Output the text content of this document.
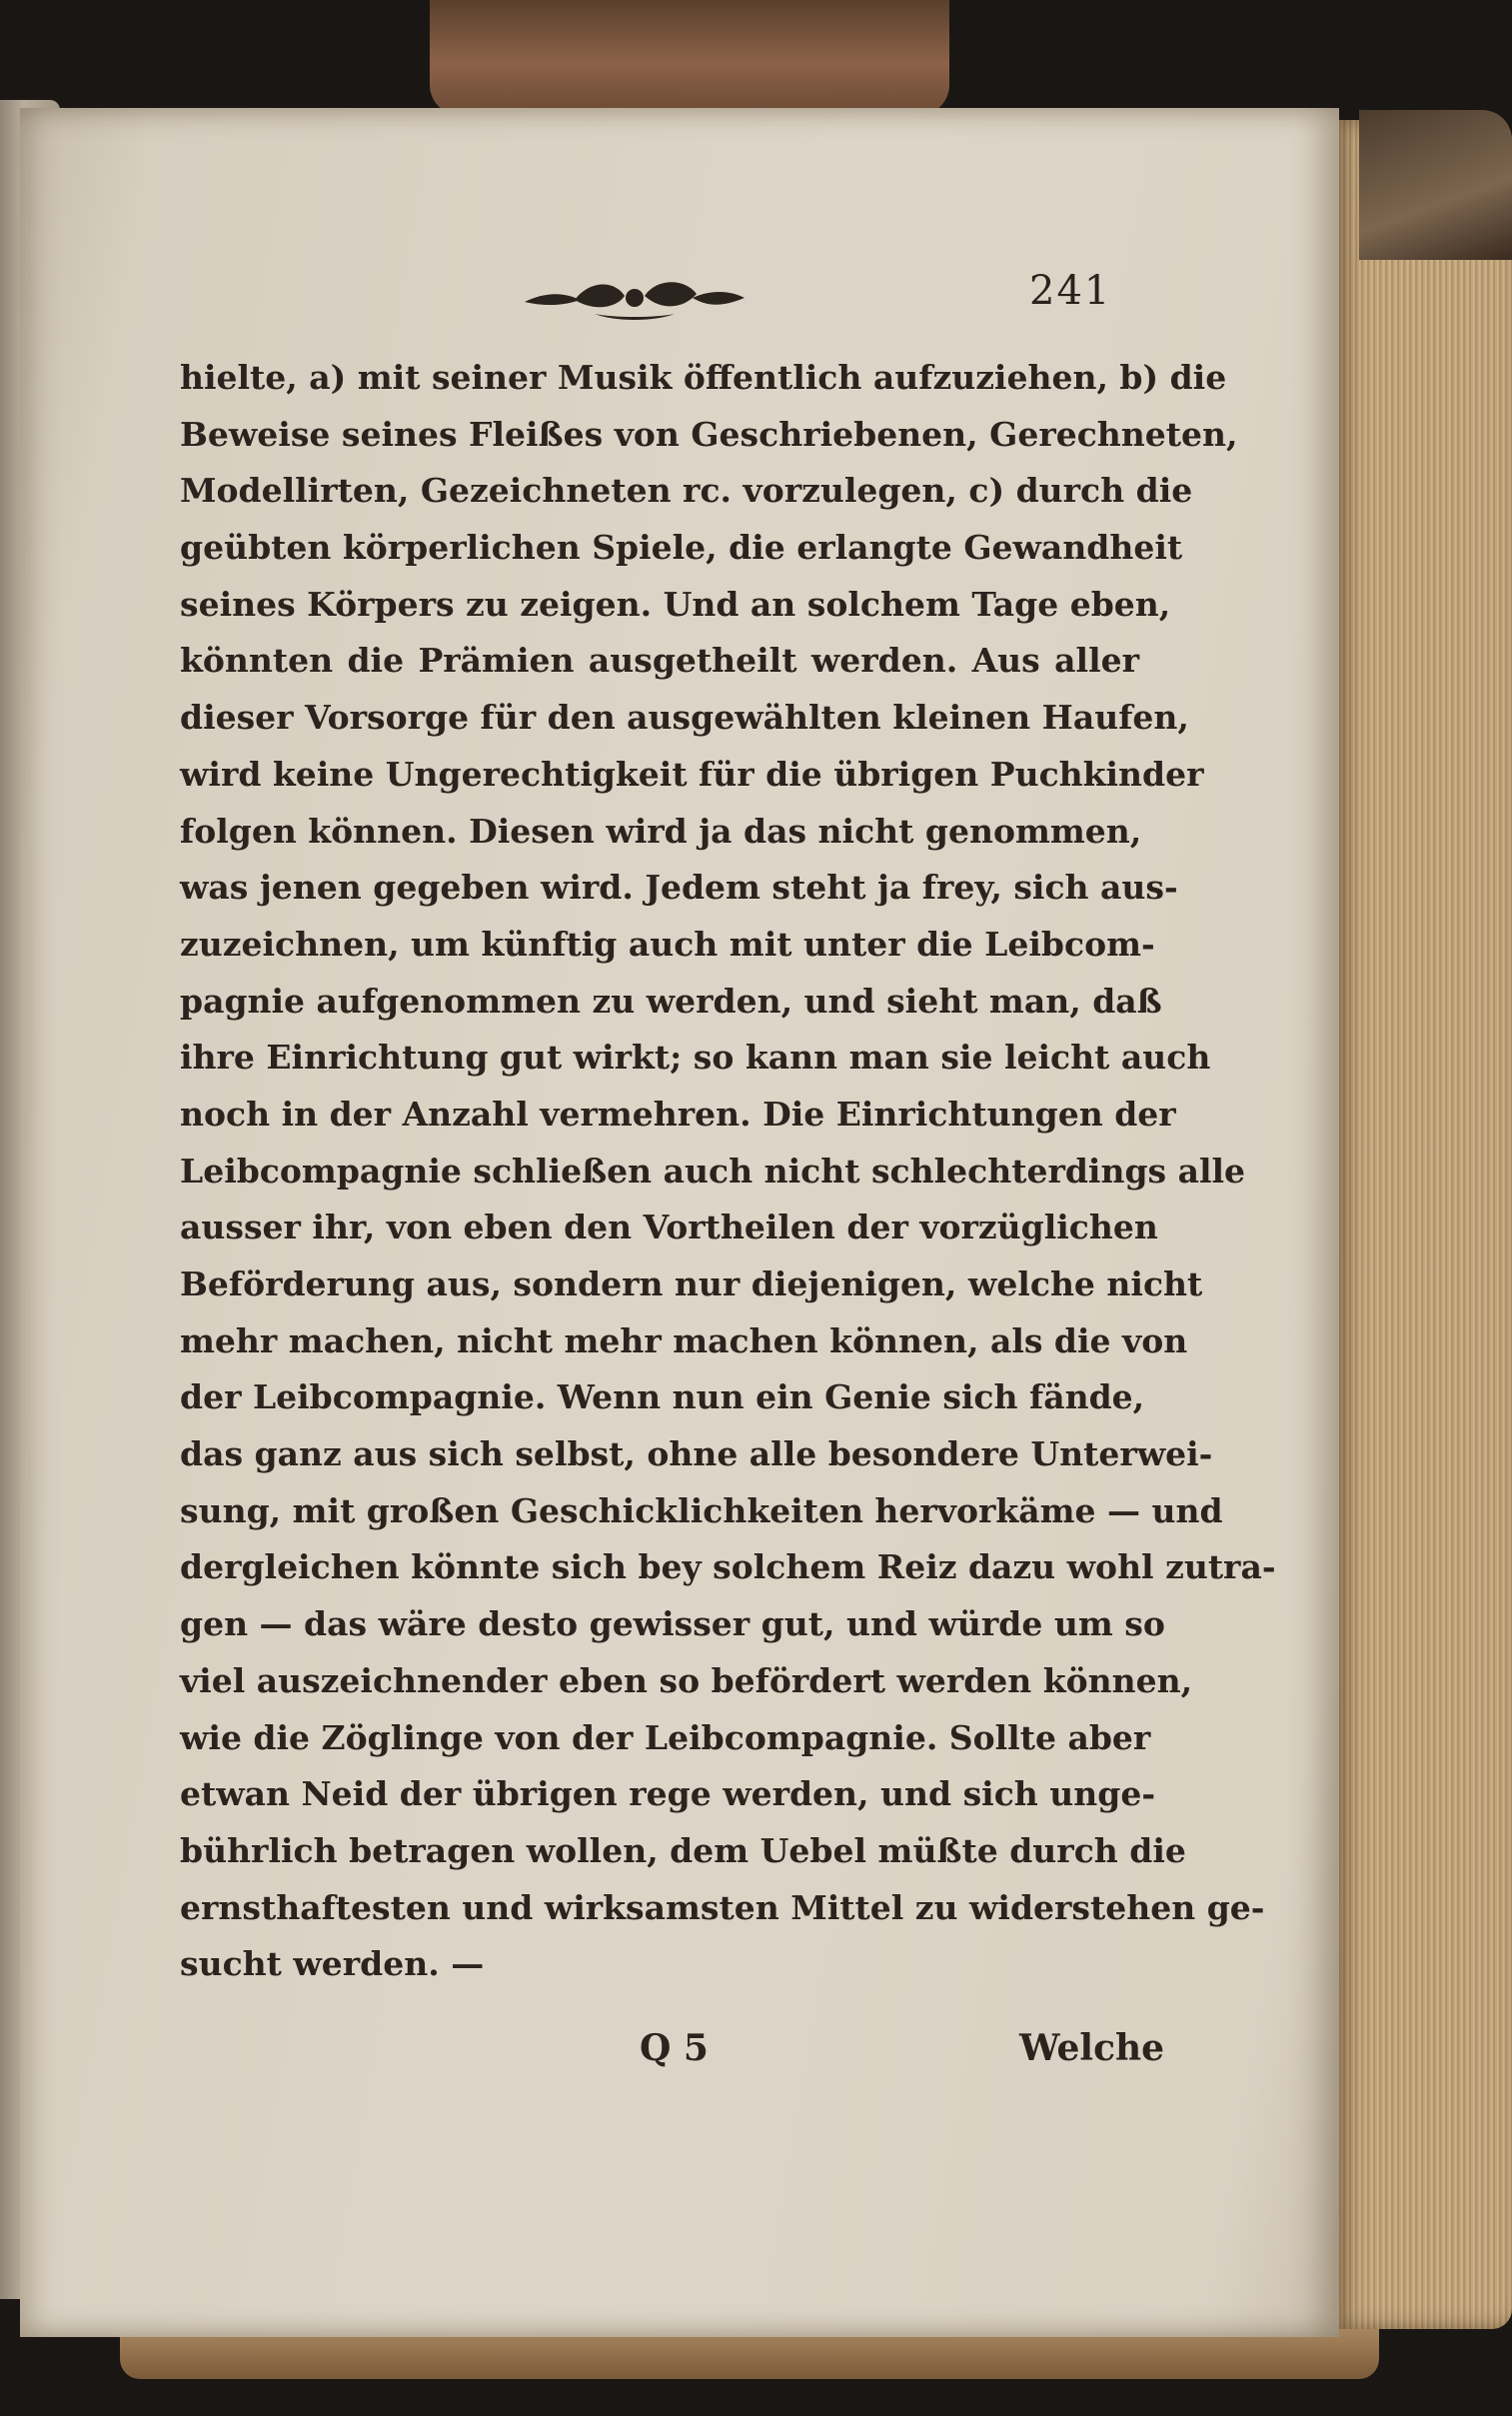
241
hielte, a) mit seiner Musik öffentlich aufzuziehen, b) die
Beweise seines Fleißes von Geschriebenen, Gerechneten,
Modellirten, Gezeichneten rc. vorzulegen, c) durch die
geübten körperlichen Spiele, die erlangte Gewandheit
seines Körpers zu zeigen. Und an solchem Tage eben,
könnten die Prämien ausgetheilt werden. Aus aller
dieser Vorsorge für den ausgewählten kleinen Haufen,
wird keine Ungerechtigkeit für die übrigen Puchkinder
folgen können. Diesen wird ja das nicht genommen,
was jenen gegeben wird. Jedem steht ja frey, sich aus-
zuzeichnen, um künftig auch mit unter die Leibcom-
pagnie aufgenommen zu werden, und sieht man, daß
ihre Einrichtung gut wirkt; so kann man sie leicht auch
noch in der Anzahl vermehren. Die Einrichtungen der
Leibcompagnie schließen auch nicht schlechterdings alle
ausser ihr, von eben den Vortheilen der vorzüglichen
Beförderung aus, sondern nur diejenigen, welche nicht
mehr machen, nicht mehr machen können, als die von
der Leibcompagnie. Wenn nun ein Genie sich fände,
das ganz aus sich selbst, ohne alle besondere Unterwei-
sung, mit großen Geschicklichkeiten hervorkäme — und
dergleichen könnte sich bey solchem Reiz dazu wohl zutra-
gen — das wäre desto gewisser gut, und würde um so
viel auszeichnender eben so befördert werden können,
wie die Zöglinge von der Leibcompagnie. Sollte aber
etwan Neid der übrigen rege werden, und sich unge-
bührlich betragen wollen, dem Uebel müßte durch die
ernsthaftesten und wirksamsten Mittel zu widerstehen ge-
sucht werden. —
Q 5	Welche
